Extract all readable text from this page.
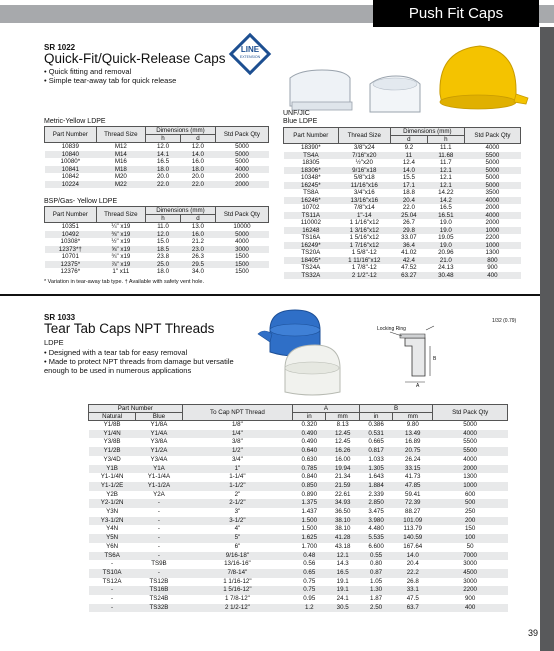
Push Fit Caps
SR 1022
Quick-Fit/Quick-Release Caps
• Quick fitting and removal
• Simple tear-away tab for quick release
LINE
EXTENSION
Metric-Yellow LDPE
Part Number	Thread Size	Dimensions (mm)		Std Pack Qty
		h	d	
10839	M12	12.0	12.0	5000
10840	M14	14.1	14.0	5000
10080*	M16	16.5	16.0	5000
10841	M18	18.0	18.0	4000
10842	M20	20.0	20.0	2000
10224	M22	22.0	22.0	2000
BSP/Gas- Yellow LDPE
Part Number	Thread Size	Dimensions (mm)		Std Pack Qty
		h	d	
10351	¼" x19	11.0	13.0	10000
10492	⅜" x19	12.0	16.0	5000
10308*	½" x19	15.0	21.2	4000
12373*†	⅝" x19	18.5	23.0	3000
10701	¾" x19	23.8	26.3	1500
12375*	⅞" x19	25.0	29.5	1500
12376*	1" x11	18.0	34.0	1500
* Variation in tear-away tab type. † Available with safety vent hole.
UNF/JIC
Blue LDPE
Part Number	Thread Size	Dimensions (mm)		Std Pack Qty
		d	h	
18390*	3/8"x24	9.2	11.1	4000
TS4A	7/16"x20	11	11.68	5500
18305	½"x20	12.4	11.7	5000
18306*	9/16"x18	14.0	12.1	5000
10348*	5/8"x18	15.5	12.1	5000
16245*	11/16"x16	17.1	12.1	5000
TS8A	3/4"x16	18.8	14.22	3500
16246*	13/16"x16	20.4	14.2	4000
10702	7/8"x14	22.0	16.5	2000
TS11A	1"-14	25.04	16.51	4000
110002	1 1/16"x12	26.7	19.0	2000
16248	1 3/16"x12	29.8	19.0	1000
TS16A	1 5/16"x12	33.07	19.05	2200
16249*	1 7/16"x12	36.4	19.0	1000
TS20A	1 5/8"-12	41.02	20.96	1300
18405*	1 11/16"x12	42.4	21.0	800
TS24A	1 7/8"-12	47.52	24.13	900
TS32A	2 1/2"-12	63.27	30.48	400
SR 1033
Tear Tab Caps NPT Threads
LDPE
• Designed with a tear tab for easy removal
• Made to protect NPT threads from damage but versatile enough to be used in numerous applications
Locking Ring
1/32 (0.79)
A
B
Part Number		To Cap NPT Thread	A		B		Std Pack Qty
Natural	Blue		in	mm	in	mm	
Y1/8B	Y1/8A	1/8"	0.320	8.13	0.386	9.80	5000
Y1/4N	Y1/4A	1/4"	0.490	12.45	0.531	13.49	4000
Y3/8B	Y3/8A	3/8"	0.490	12.45	0.665	16.89	5500
Y1/2B	Y1/2A	1/2"	0.640	16.26	0.817	20.75	5500
Y3/4D	Y3/4A	3/4"	0.630	16.00	1.033	26.24	4000
Y1B	Y1A	1"	0.785	19.94	1.305	33.15	2000
Y1-1/4N	Y1-1/4A	1-1/4"	0.840	21.34	1.643	41.73	1300
Y1-1/2E	Y1-1/2A	1-1/2"	0.850	21.59	1.884	47.85	1000
Y2B	Y2A	2"	0.890	22.61	2.339	59.41	600
Y2-1/2N	-	2-1/2"	1.375	34.93	2.850	72.39	500
Y3N	-	3"	1.437	36.50	3.475	88.27	250
Y3-1/2N	-	3-1/2"	1.500	38.10	3.980	101.09	200
Y4N	-	4"	1.500	38.10	4.480	113.79	150
Y5N	-	5"	1.625	41.28	5.535	140.59	100
Y6N	-	6"	1.700	43.18	6.600	167.64	50
TS6A	-	9/16-18"	0.48	12.1	0.55	14.0	7000
-	TS9B	13/16-16"	0.56	14.3	0.80	20.4	3000
TS10A	-	7/8-14"	0.65	16.5	0.87	22.2	4500
TS12A	TS12B	1 1/16-12"	0.75	19.1	1.05	26.8	3000
-	TS16B	1 5/16-12"	0.75	19.1	1.30	33.1	2200
-	TS24B	1 7/8-12"	0.95	24.1	1.87	47.5	900
-	TS32B	2 1/2-12"	1.2	30.5	2.50	63.7	400
39
